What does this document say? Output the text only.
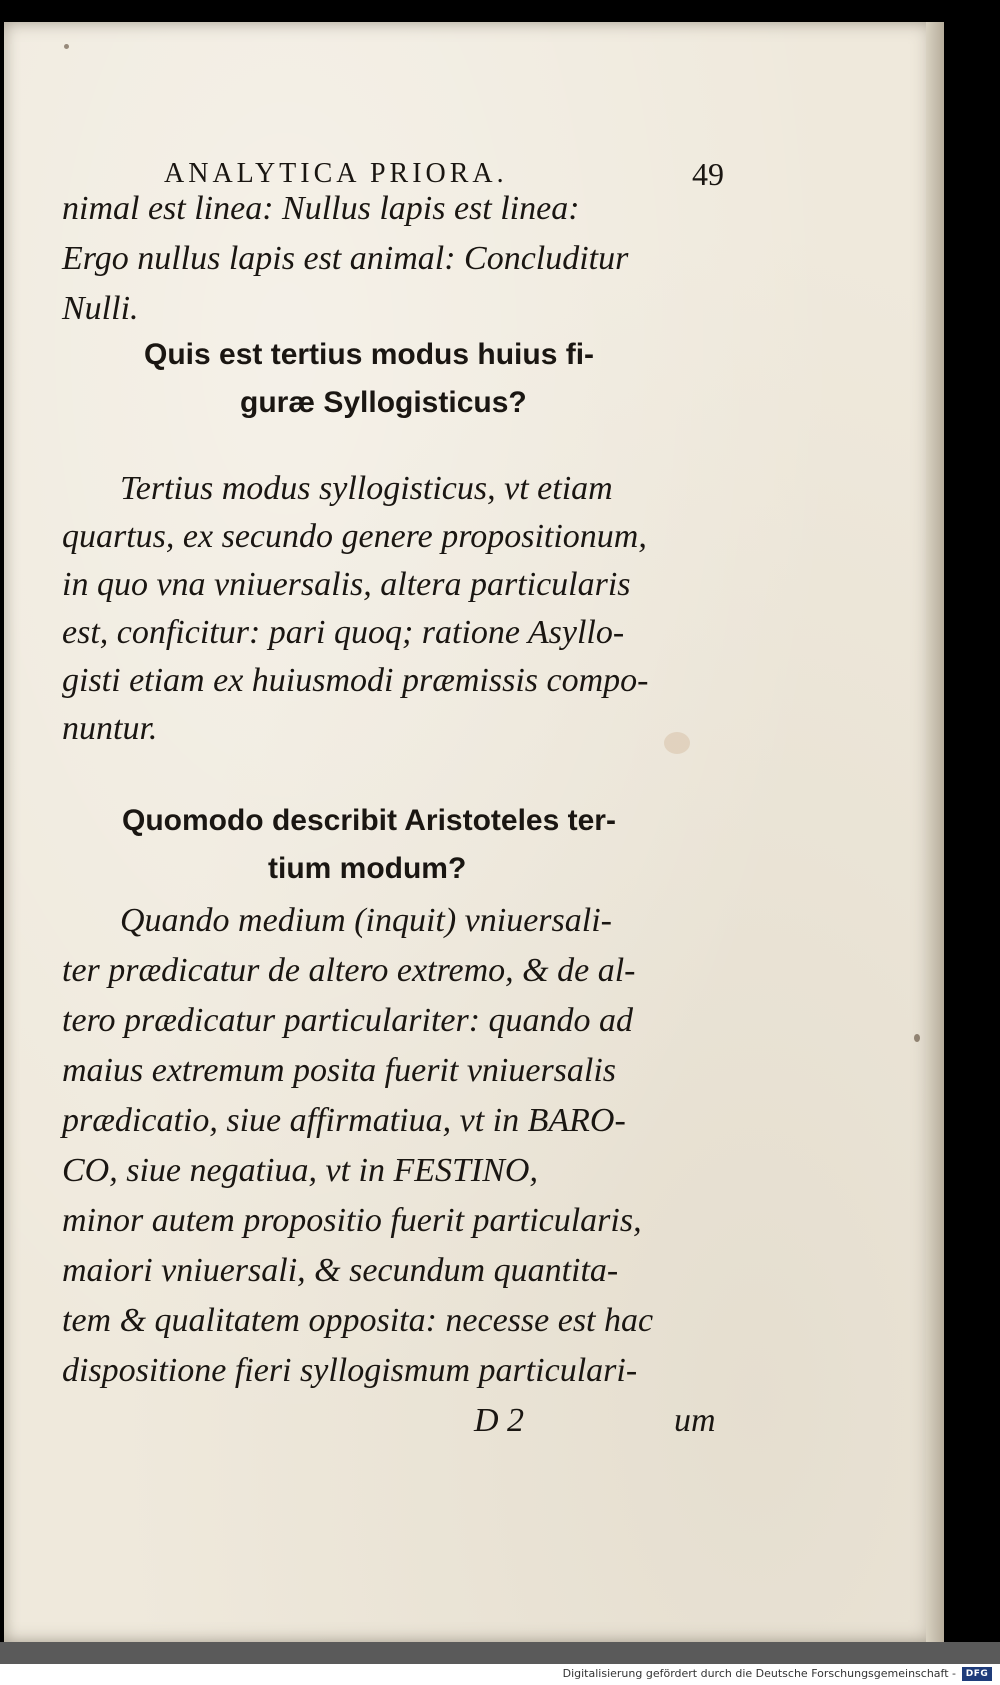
ANALYTICA PRIORA.	49
nimal est linea: Nullus lapis est linea:
Ergo nullus lapis est animal: Concluditur
Nulli.
Quis est tertius modus huius fi-
guræ Syllogisticus?
Tertius modus syllogisticus, vt etiam
quartus, ex secundo genere propositionum,
in quo vna vniuersalis, altera particularis
est, conficitur: pari quoq; ratione Asyllo-
gisti etiam ex huiusmodi præmissis compo-
nuntur.
Quomodo describit Aristoteles ter-
tium modum?
Quando medium (inquit) vniuersali-
ter prædicatur de altero extremo, & de al-
tero prædicatur particulariter: quando ad
maius extremum posita fuerit vniuersalis
prædicatio, siue affirmatiua, vt in BARO-
CO, siue negatiua, vt in FESTINO,
minor autem propositio fuerit particularis,
maiori vniuersali, & secundum quantita-
tem & qualitatem opposita: necesse est hac
dispositione fieri syllogismum particulari-
D 2	um
Digitalisierung gefördert durch die Deutsche Forschungsgemeinschaft -	DFG
